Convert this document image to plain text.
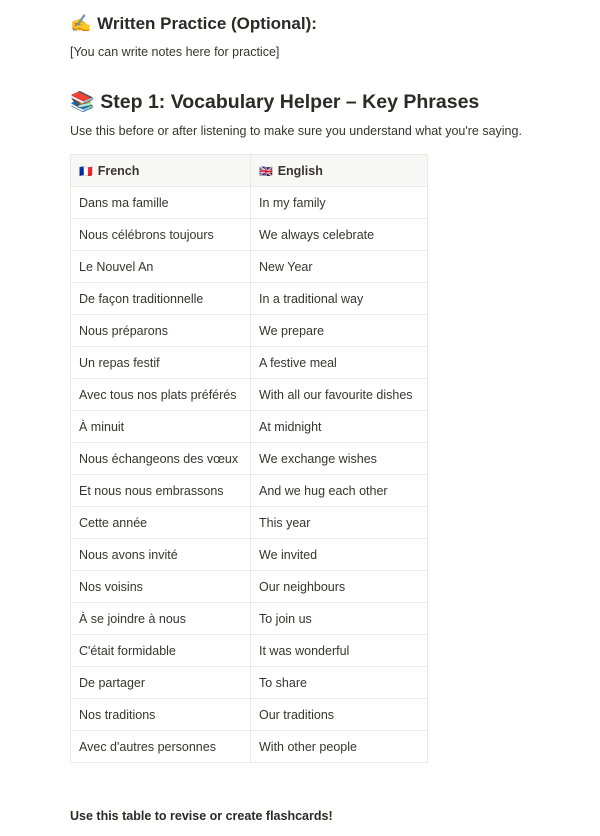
✍️ Written Practice (Optional):
[You can write notes here for practice]
📚 Step 1: Vocabulary Helper – Key Phrases
Use this before or after listening to make sure you understand what you're saying.
🇫🇷 French	🇬🇧 English
Dans ma famille	In my family
Nous célébrons toujours	We always celebrate
Le Nouvel An	New Year
De façon traditionnelle	In a traditional way
Nous préparons	We prepare
Un repas festif	A festive meal
Avec tous nos plats préférés	With all our favourite dishes
À minuit	At midnight
Nous échangeons des vœux	We exchange wishes
Et nous nous embrassons	And we hug each other
Cette année	This year
Nous avons invité	We invited
Nos voisins	Our neighbours
À se joindre à nous	To join us
C'était formidable	It was wonderful
De partager	To share
Nos traditions	Our traditions
Avec d'autres personnes	With other people
Use this table to revise or create flashcards!
